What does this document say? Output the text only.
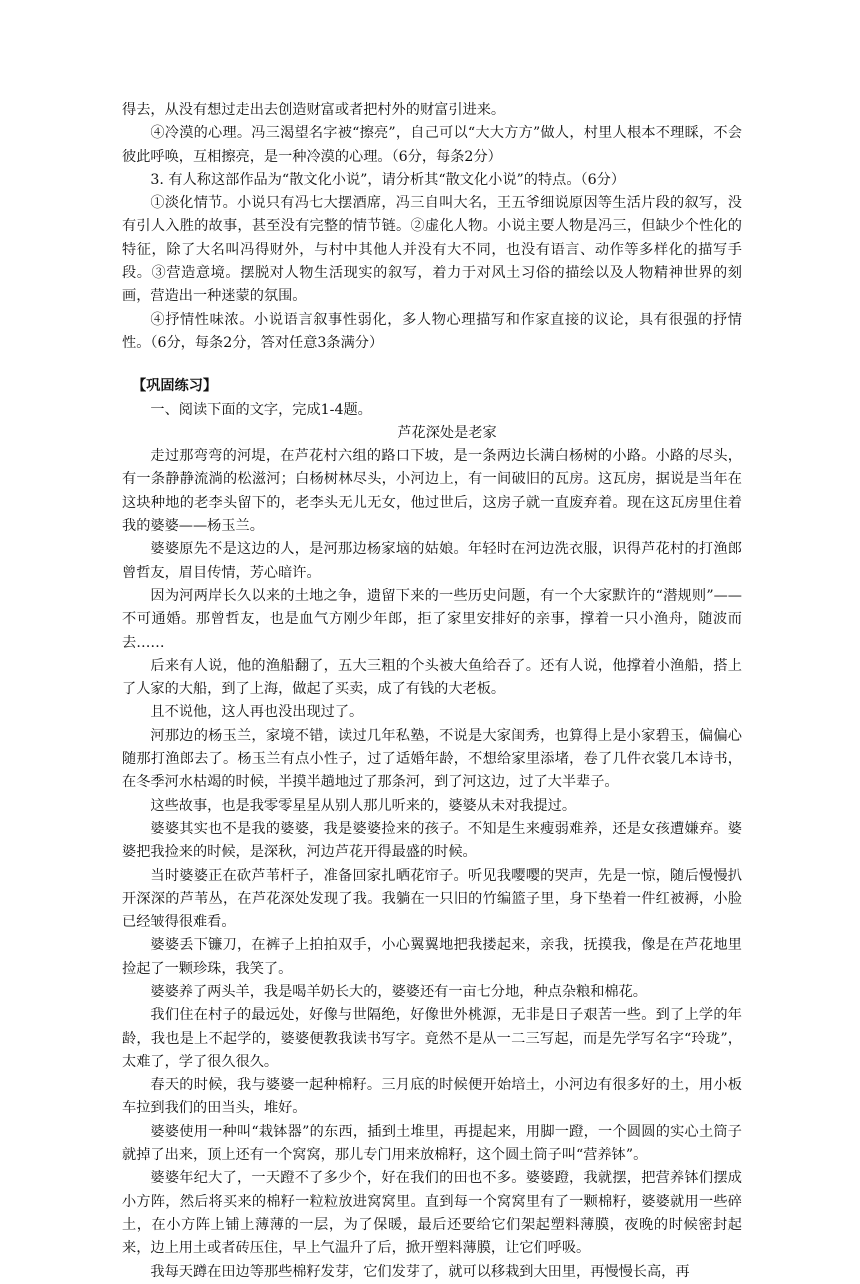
得去，从没有想过走出去创造财富或者把村外的财富引进来。

④冷漠的心理。冯三渴望名字被“擦亮”，自己可以“大大方方”做人，村里人根本不理睬，不会彼此呼唤，互相擦亮，是一种冷漠的心理。（6分，每条2分）

3. 有人称这部作品为“散文化小说”，请分析其“散文化小说”的特点。（6分）

①淡化情节。小说只有冯七大摆酒席，冯三自叫大名，王五爷细说原因等生活片段的叙写，没有引人入胜的故事，甚至没有完整的情节链。②虚化人物。小说主要人物是冯三，但缺少个性化的特征，除了大名叫冯得财外，与村中其他人并没有大不同，也没有语言、动作等多样化的描写手段。③营造意境。摆脱对人物生活现实的叙写，着力于对风土习俗的描绘以及人物精神世界的刻画，营造出一种迷蒙的氛围。

④抒情性味浓。小说语言叙事性弱化，多人物心理描写和作家直接的议论，具有很强的抒情性。（6分，每条2分，答对任意3条满分）

【巩固练习】

一、阅读下面的文字，完成1-4题。

芦花深处是老家

走过那弯弯的河堤，在芦花村六组的路口下坡，是一条两边长满白杨树的小路。小路的尽头，有一条静静流淌的松滋河；白杨树林尽头，小河边上，有一间破旧的瓦房。这瓦房，据说是当年在这块种地的老李头留下的，老李头无儿无女，他过世后，这房子就一直废弃着。现在这瓦房里住着我的婆婆——杨玉兰。

婆婆原先不是这边的人，是河那边杨家垴的姑娘。年轻时在河边洗衣服，识得芦花村的打渔郎曾哲友，眉目传情，芳心暗许。

因为河两岸长久以来的土地之争，遗留下来的一些历史问题，有一个大家默许的“潜规则”——不可通婚。那曾哲友，也是血气方刚少年郎，拒了家里安排好的亲事，撑着一只小渔舟，随波而去……

后来有人说，他的渔船翻了，五大三粗的个头被大鱼给吞了。还有人说，他撑着小渔船，搭上了人家的大船，到了上海，做起了买卖，成了有钱的大老板。

且不说他，这人再也没出现过了。

河那边的杨玉兰，家境不错，读过几年私塾，不说是大家闺秀，也算得上是小家碧玉，偏偏心随那打渔郎去了。杨玉兰有点小性子，过了适婚年龄，不想给家里添堵，卷了几件衣裳几本诗书，在冬季河水枯竭的时候，半摸半趟地过了那条河，到了河这边，过了大半辈子。

这些故事，也是我零零星星从别人那儿听来的，婆婆从未对我提过。

婆婆其实也不是我的婆婆，我是婆婆捡来的孩子。不知是生来瘦弱难养，还是女孩遭嫌弃。婆婆把我捡来的时候，是深秋，河边芦花开得最盛的时候。

当时婆婆正在砍芦苇杆子，准备回家扎晒花帘子。听见我嘤嘤的哭声，先是一惊，随后慢慢扒开深深的芦苇丛，在芦花深处发现了我。我躺在一只旧的竹编篮子里，身下垫着一件红被褥，小脸已经皱得很难看。

婆婆丢下镰刀，在裤子上拍拍双手，小心翼翼地把我搂起来，亲我，抚摸我，像是在芦花地里捡起了一颗珍珠，我笑了。

婆婆养了两头羊，我是喝羊奶长大的，婆婆还有一亩七分地，种点杂粮和棉花。

我们住在村子的最远处，好像与世隔绝，好像世外桃源，无非是日子艰苦一些。到了上学的年龄，我也是上不起学的，婆婆便教我读书写字。竟然不是从一二三写起，而是先学写名字“玲珑”，太难了，学了很久很久。

春天的时候，我与婆婆一起种棉籽。三月底的时候便开始培土，小河边有很多好的土，用小板车拉到我们的田当头，堆好。

婆婆使用一种叫“栽钵器”的东西，插到土堆里，再提起来，用脚一蹬，一个圆圆的实心土筒子就掉了出来，顶上还有一个窝窝，那儿专门用来放棉籽，这个圆土筒子叫“营养钵”。

婆婆年纪大了，一天蹬不了多少个，好在我们的田也不多。婆婆蹬，我就摆，把营养钵们摆成小方阵，然后将买来的棉籽一粒粒放进窝窝里。直到每一个窝窝里有了一颗棉籽，婆婆就用一些碎土，在小方阵上铺上薄薄的一层，为了保暖，最后还要给它们架起塑料薄膜，夜晚的时候密封起来，边上用土或者砖压住，早上气温升了后，掀开塑料薄膜，让它们呼吸。

我每天蹲在田边等那些棉籽发芽，它们发芽了，就可以移栽到大田里，再慢慢长高，再
